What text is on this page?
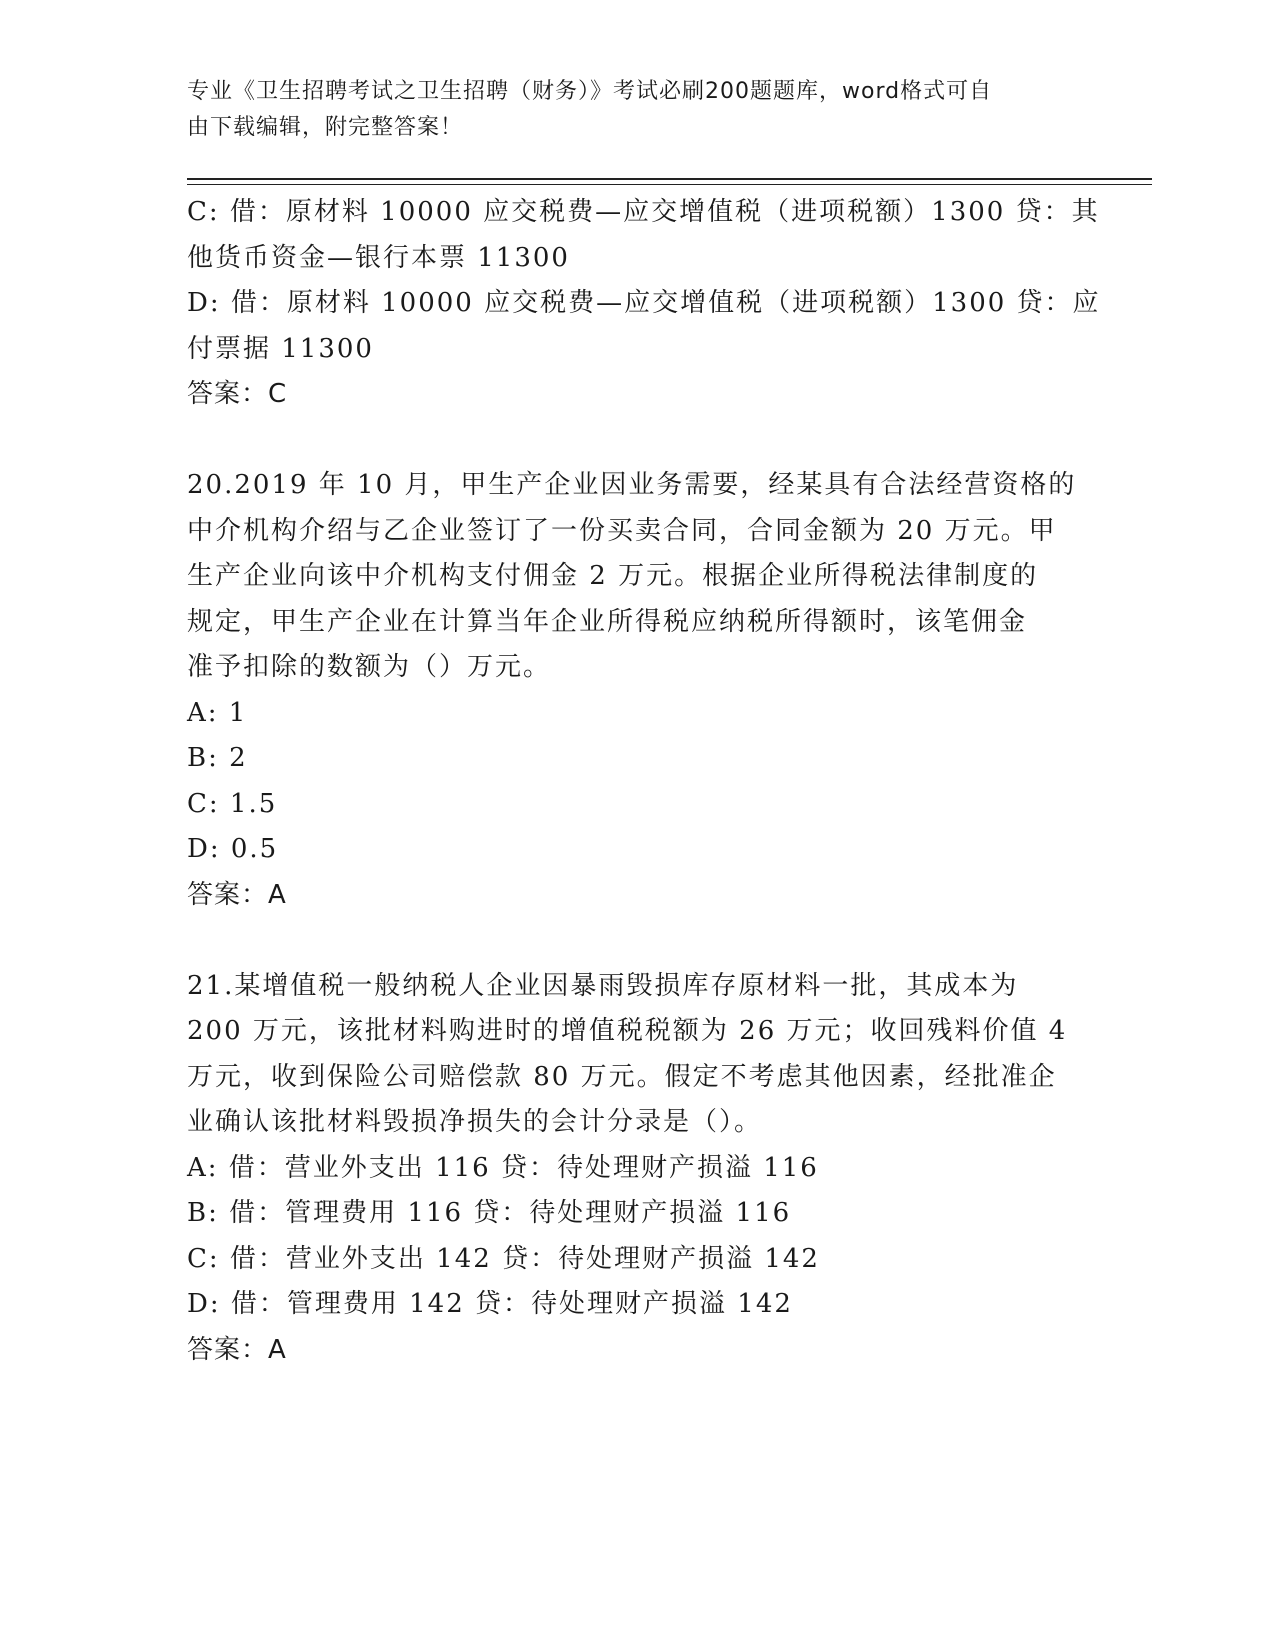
专业《卫生招聘考试之卫生招聘（财务）》考试必刷200题题库，word格式可自
由下载编辑，附完整答案！
C: 借：原材料 10000 应交税费—应交增值税（进项税额）1300 贷：其
他货币资金—银行本票 11300
D: 借：原材料 10000 应交税费—应交增值税（进项税额）1300 贷：应
付票据 11300
答案：C
20.2019 年 10 月，甲生产企业因业务需要，经某具有合法经营资格的
中介机构介绍与乙企业签订了一份买卖合同，合同金额为 20 万元。甲
生产企业向该中介机构支付佣金 2 万元。根据企业所得税法律制度的
规定，甲生产企业在计算当年企业所得税应纳税所得额时，该笔佣金
准予扣除的数额为（）万元。
A: 1
B: 2
C: 1.5
D: 0.5
答案：A
21.某增值税一般纳税人企业因暴雨毁损库存原材料一批，其成本为
200 万元，该批材料购进时的增值税税额为 26 万元；收回残料价值 4
万元，收到保险公司赔偿款 80 万元。假定不考虑其他因素，经批准企
业确认该批材料毁损净损失的会计分录是（）。
A: 借：营业外支出 116 贷：待处理财产损溢 116
B: 借：管理费用 116 贷：待处理财产损溢 116
C: 借：营业外支出 142 贷：待处理财产损溢 142
D: 借：管理费用 142 贷：待处理财产损溢 142
答案：A
